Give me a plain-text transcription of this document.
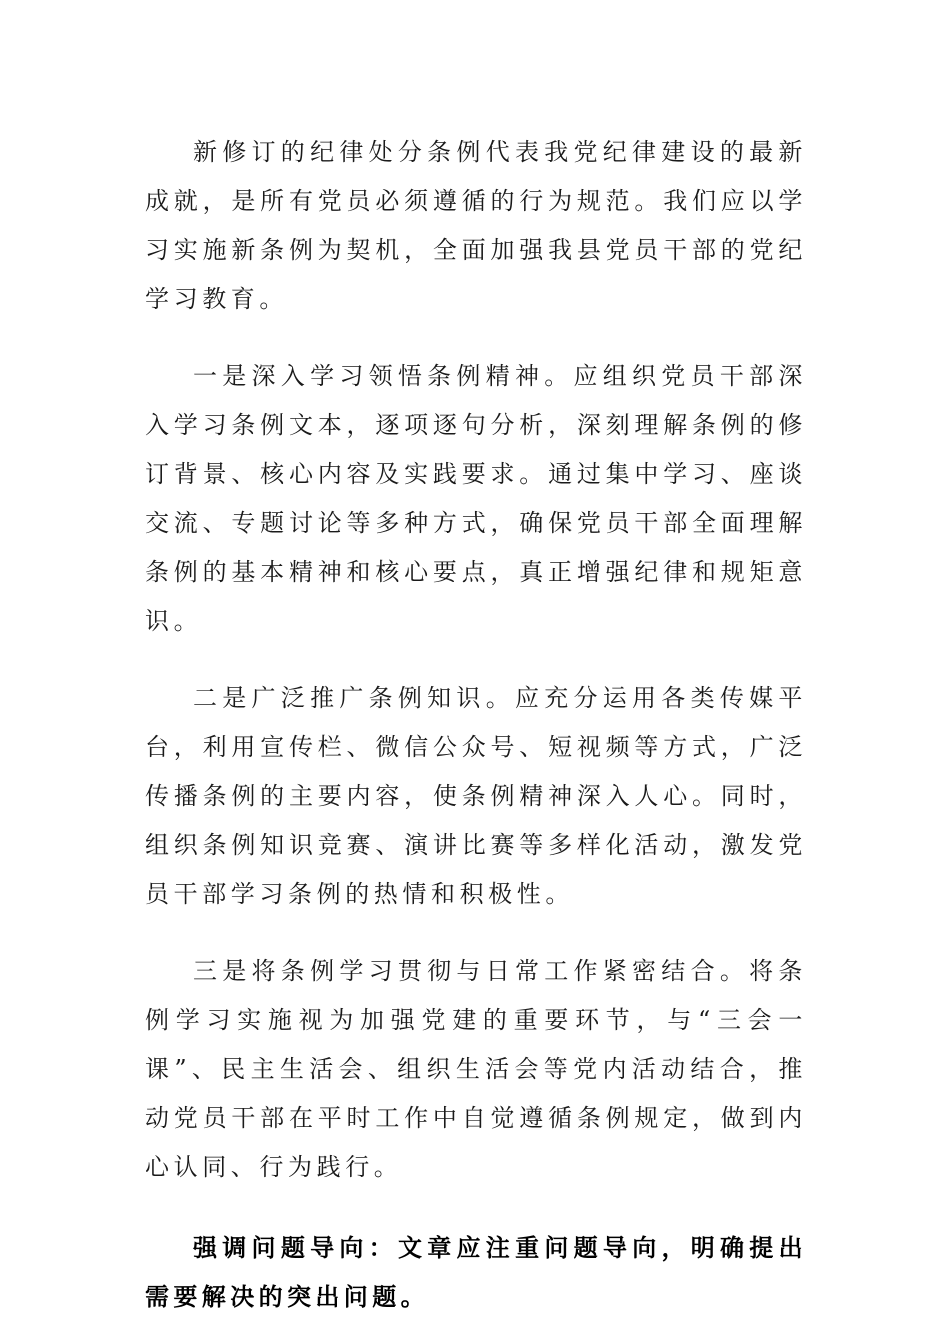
新修订的纪律处分条例代表我党纪律建设的最新成就，是所有党员必须遵循的行为规范。我们应以学习实施新条例为契机，全面加强我县党员干部的党纪学习教育。

一是深入学习领悟条例精神。应组织党员干部深入学习条例文本，逐项逐句分析，深刻理解条例的修订背景、核心内容及实践要求。通过集中学习、座谈交流、专题讨论等多种方式，确保党员干部全面理解条例的基本精神和核心要点，真正增强纪律和规矩意识。

二是广泛推广条例知识。应充分运用各类传媒平台，利用宣传栏、微信公众号、短视频等方式，广泛传播条例的主要内容，使条例精神深入人心。同时，组织条例知识竞赛、演讲比赛等多样化活动，激发党员干部学习条例的热情和积极性。

三是将条例学习贯彻与日常工作紧密结合。将条例学习实施视为加强党建的重要环节，与“三会一课”、民主生活会、组织生活会等党内活动结合，推动党员干部在平时工作中自觉遵循条例规定，做到内心认同、行为践行。

强调问题导向：文章应注重问题导向，明确提出需要解决的突出问题。
